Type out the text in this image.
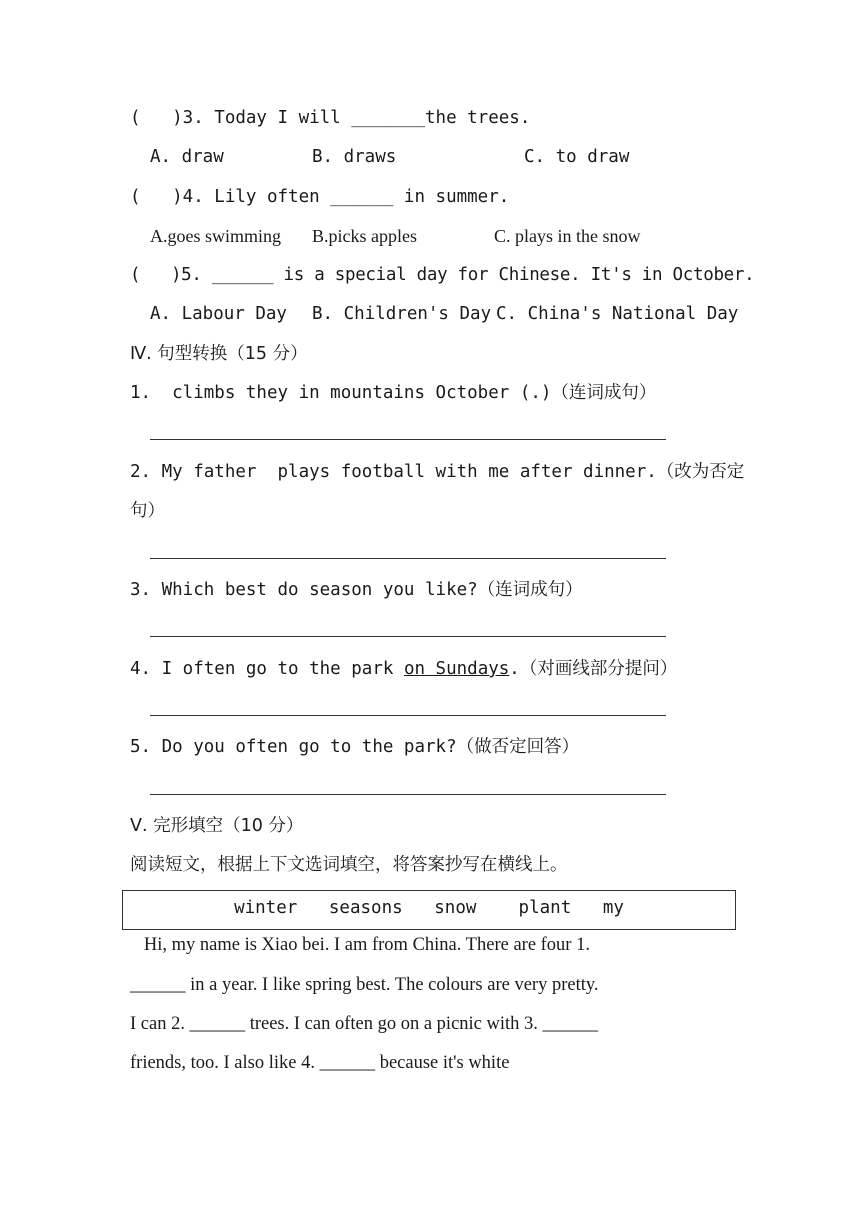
(   )3. Today I will _______the trees.
A. draw	B. draws	C. to draw
(   )4. Lily often ______ in summer.
A.goes swimming B.picks apples	C. plays in the snow
(   )5. ______ is a special day for Chinese. It's in October.
A. Labour Day B. Children's Day C. China's National Day
Ⅳ. 句型转换（15 分）
1.  climbs they in mountains October (.)（连词成句）
2. My father  plays football with me after dinner.（改为否定
句）
3. Which best do season you like?（连词成句）
4. I often go to the park on Sundays.（对画线部分提问）
5. Do you often go to the park?（做否定回答）
Ⅴ. 完形填空（10 分）
阅读短文，根据上下文选词填空，将答案抄写在横线上。
winter   seasons   snow    plant   my
Hi, my name is Xiao bei. I am from China. There are four 1.
______ in a year. I like spring best. The colours are very pretty.
I can 2. ______ trees. I can often go on a picnic with 3. ______
friends, too. I also like 4. ______ because it's white
